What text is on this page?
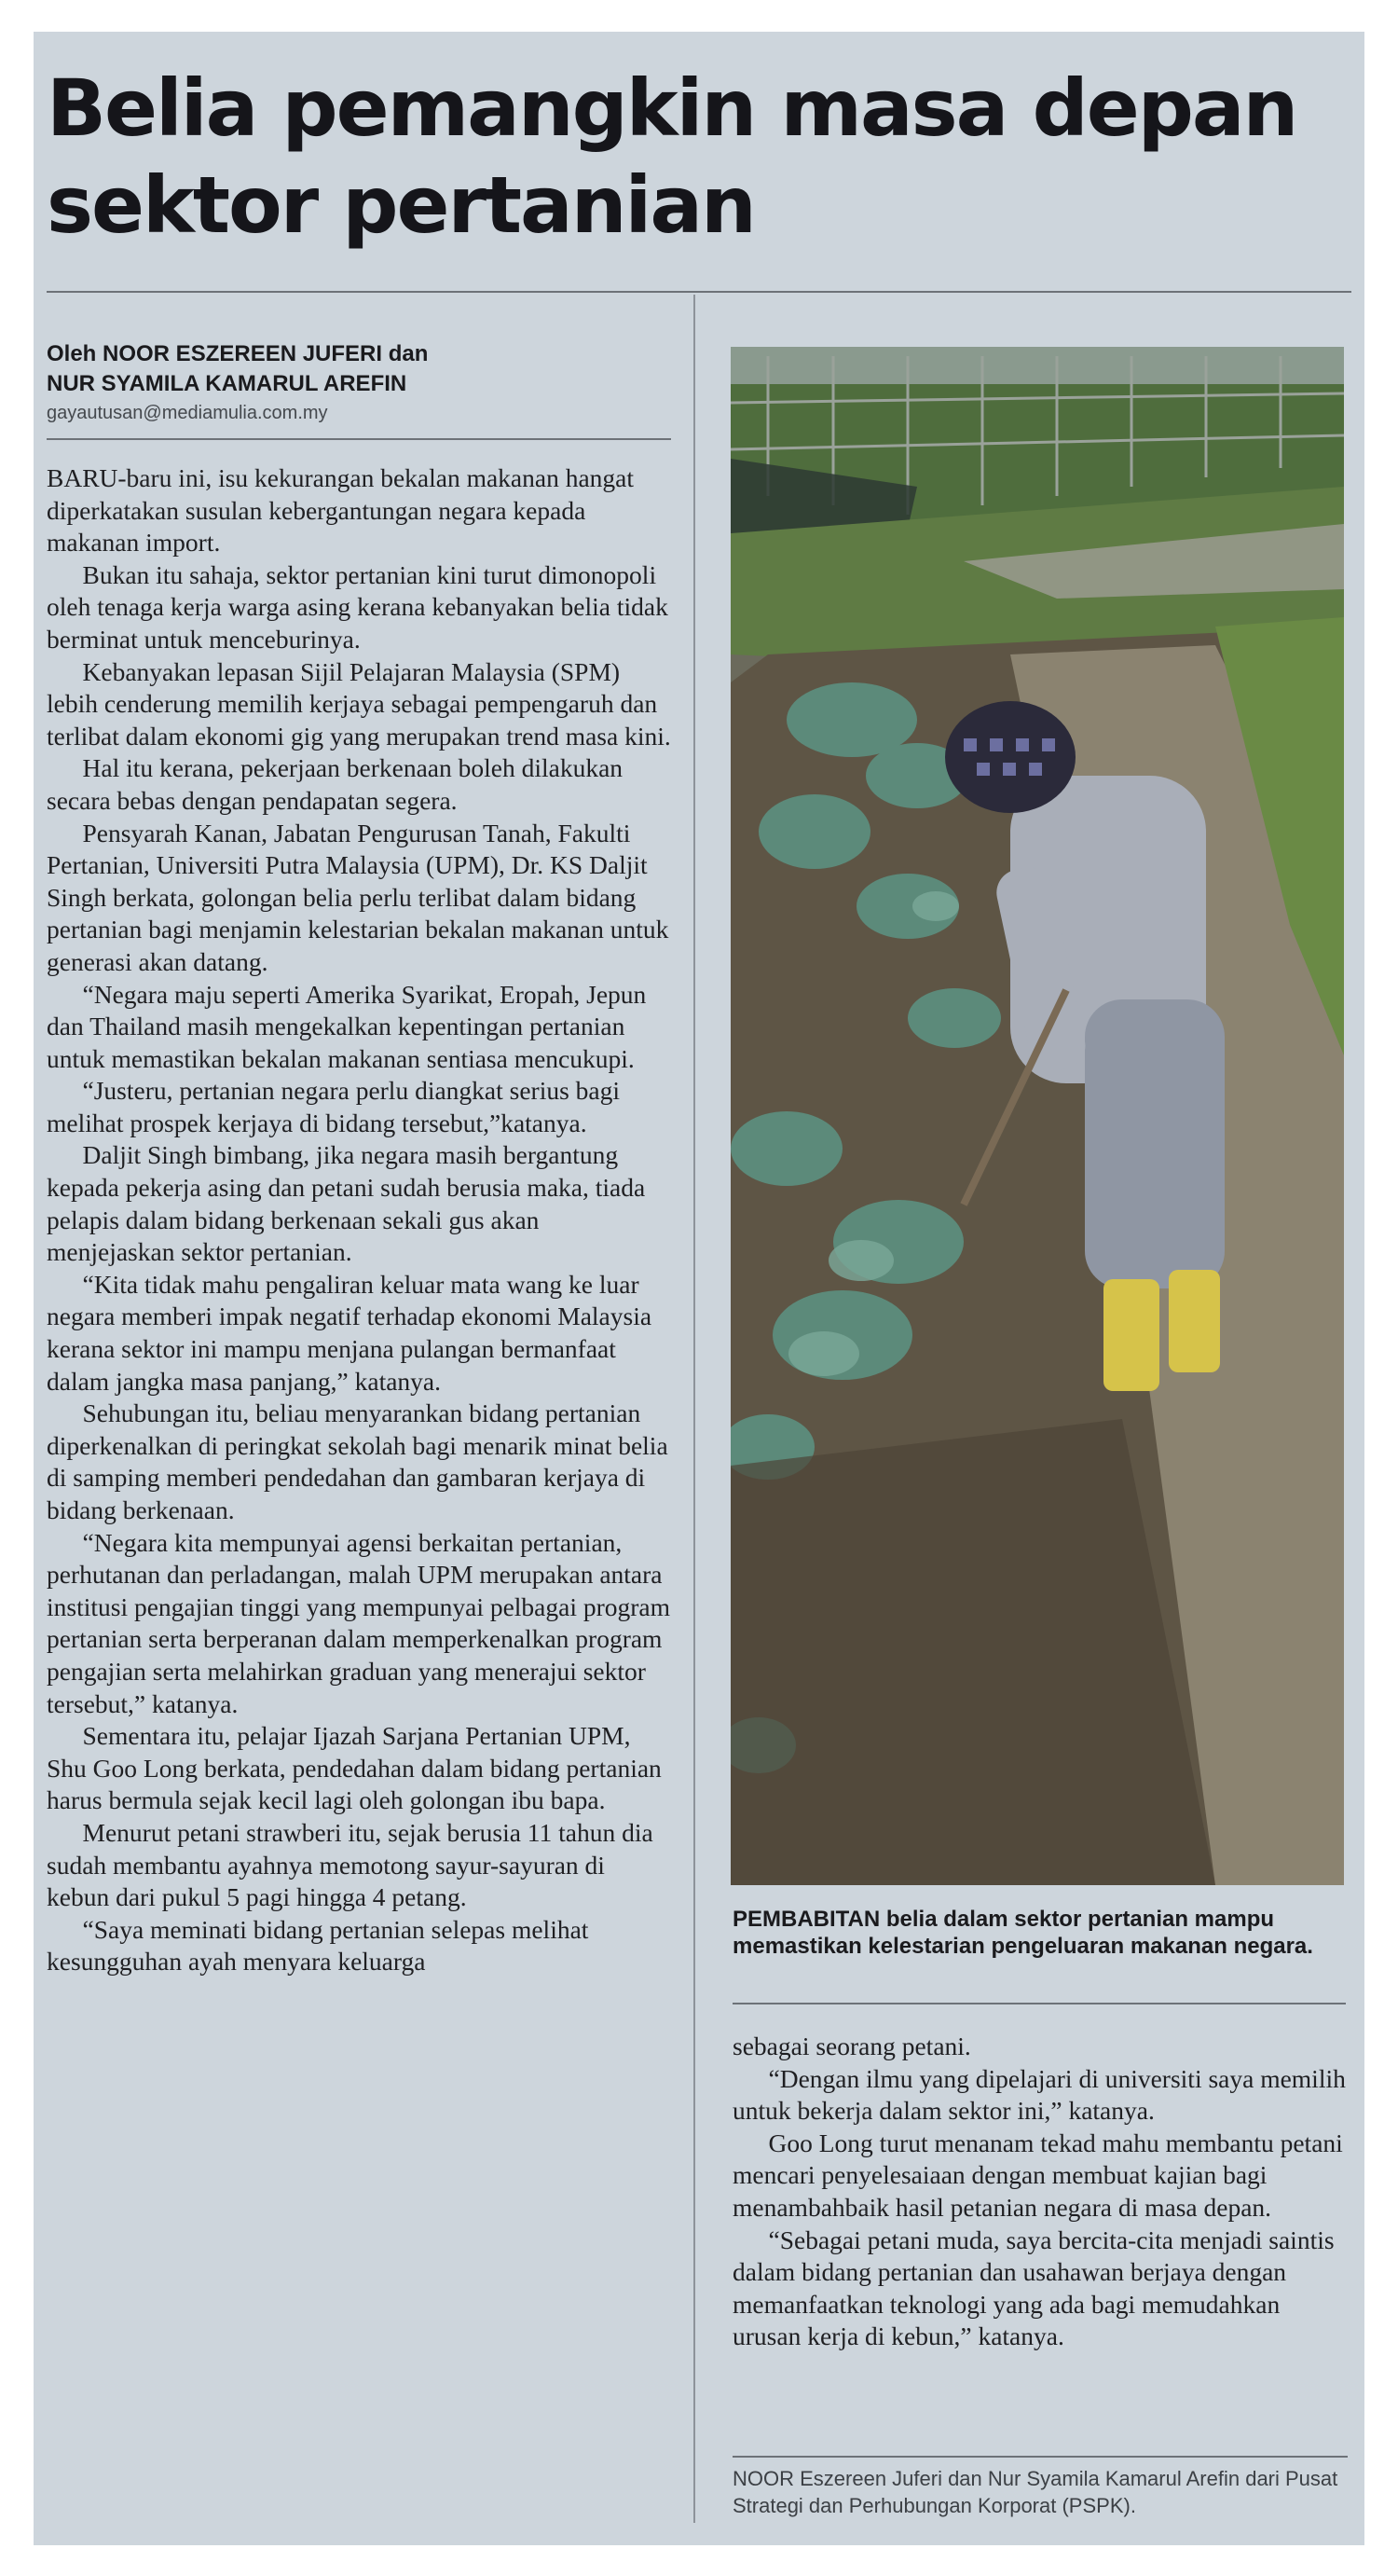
Belia pemangkin masa depan sektor pertanian

Oleh NOOR ESZEREEN JUFERI dan

NUR SYAMILA KAMARUL AREFIN

gayautusan@mediamulia.com.my

BARU-baru ini, isu kekurangan bekalan makanan hangat diperkatakan susulan kebergantungan negara kepada makanan import.

Bukan itu sahaja, sektor pertanian kini turut dimonopoli oleh tenaga kerja warga asing kerana kebanyakan belia tidak berminat untuk menceburinya.

Kebanyakan lepasan Sijil Pelajaran Malaysia (SPM) lebih cenderung memilih kerjaya sebagai pempengaruh dan terlibat dalam ekonomi gig yang merupakan trend masa kini.

Hal itu kerana, pekerjaan berkenaan boleh dilakukan secara bebas dengan pendapatan segera.

Pensyarah Kanan, Jabatan Pengurusan Tanah, Fakulti Pertanian, Universiti Putra Malaysia (UPM), Dr. KS Daljit Singh berkata, golongan belia perlu terlibat dalam bidang pertanian bagi menjamin kelestarian bekalan makanan untuk generasi akan datang.

“Negara maju seperti Amerika Syarikat, Eropah, Jepun dan Thailand masih mengekalkan kepentingan pertanian untuk memastikan bekalan makanan sentiasa mencukupi.

“Justeru, pertanian negara perlu diangkat serius bagi melihat prospek kerjaya di bidang tersebut,”katanya.

Daljit Singh bimbang, jika negara masih bergantung kepada pekerja asing dan petani sudah berusia maka, tiada pelapis dalam bidang berkenaan sekali gus akan menjejaskan sektor pertanian.

“Kita tidak mahu pengaliran keluar mata wang ke luar negara memberi impak negatif terhadap ekonomi Malaysia kerana sektor ini mampu menjana pulangan bermanfaat dalam jangka masa panjang,” katanya.

Sehubungan itu, beliau menyarankan bidang pertanian diperkenalkan di peringkat sekolah bagi menarik minat belia di samping memberi pendedahan dan gambaran kerjaya di bidang berkenaan.

“Negara kita mempunyai agensi berkaitan pertanian, perhutanan dan perladangan, malah UPM merupakan antara institusi pengajian tinggi yang mempunyai pelbagai program pertanian serta berperanan dalam memperkenalkan program pengajian serta melahirkan graduan yang menerajui sektor tersebut,” katanya.

Sementara itu, pelajar Ijazah Sarjana Pertanian UPM, Shu Goo Long berkata, pendedahan dalam bidang pertanian harus bermula sejak kecil lagi oleh golongan ibu bapa.

Menurut petani strawberi itu, sejak berusia 11 tahun dia sudah membantu ayahnya memotong sayur-sayuran di kebun dari pukul 5 pagi hingga 4 petang.

“Saya meminati bidang pertanian selepas melihat kesungguhan ayah menyara keluarga

PEMBABITAN belia dalam sektor pertanian mampu memastikan kelestarian pengeluaran makanan negara.

sebagai seorang petani.

“Dengan ilmu yang dipelajari di universiti saya memilih untuk bekerja dalam sektor ini,” katanya.

Goo Long turut menanam tekad mahu membantu petani mencari penyelesaiaan dengan membuat kajian bagi menambahbaik hasil petanian negara di masa depan.

“Sebagai petani muda, saya bercita-cita menjadi saintis dalam bidang pertanian dan usahawan berjaya dengan memanfaatkan teknologi yang ada bagi memudahkan urusan kerja di kebun,” katanya.

NOOR Eszereen Juferi dan Nur Syamila Kamarul Arefin dari Pusat Strategi dan Perhubungan Korporat (PSPK).
